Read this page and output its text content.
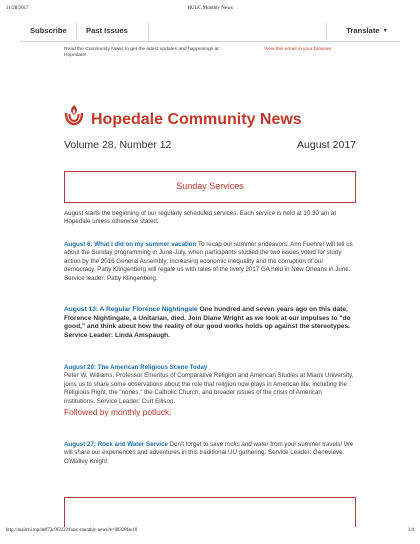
11/28/2017	HUUC Monthly News
Subscribe	Past Issues	Translate ▼
Read the Community News to get the latest updates and happenings at Hopedale!
View this email in your browser
Hopedale Community News
Volume 28, Number 12	August 2017
Sunday Services
August starts the beginning of our regularly scheduled services. Each service is held at 10:30 am at Hopedale unless otherwise stated.
August 6: What I did on my summer vacation To recap our summer endeavors, Ann Fuehrer will tell us about the Sunday programming in June-July, when participants studied the two issues voted for study action by the 2016 General Assembly: increasing economic inequality and the corruption of our democracy. Patty Klingenberg will regale us with tales of the lively 2017 GA held in New Orleans in June. Service leader: Patty Klingenberg.
August 13: A Regular Florence Nightingale One hundred and seven years ago on this date, Florence Nightingale, a Unitarian, died. Join Diane Wright as we look at our impulses to "do good," and think about how the reality of our good works holds up against the stereotypes. Service Leader: Linda Amspaugh.
August 20: The American Religious Scene Today
Peter W. Williams, Professor Emeritus of Comparative Religion and American Studies at Miami University, joins us to share some observations about the role that religion now plays in American life, including the Religious Right, the "nones," the Catholic Church, and broader issues of the crisis of American institutions. Service Leader: Curt Ellison.
Followed by monthly potluck.
August 27: Rock and Water Service Don't forget to save rocks and water from your summer travels! We will share our experiences and adventures in this traditional UU gathering. Service Leader: Genevieve O'Malley Knight.
http://mailchi.mp/de872c9f2222/huuc-monthly-news?e=08328fae10	1/4
